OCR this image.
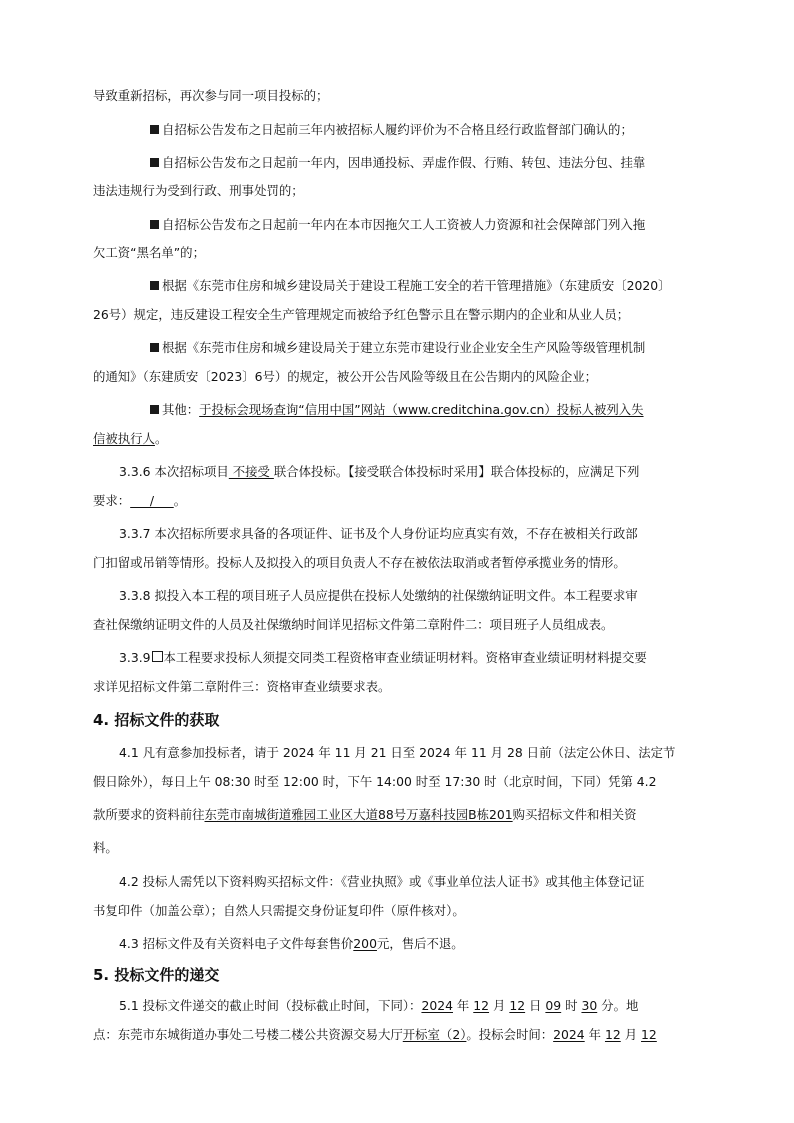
导致重新招标，再次参与同一项目投标的；
自招标公告发布之日起前三年内被招标人履约评价为不合格且经行政监督部门确认的；
自招标公告发布之日起前一年内，因串通投标、弄虚作假、行贿、转包、违法分包、挂靠
违法违规行为受到行政、刑事处罚的；
自招标公告发布之日起前一年内在本市因拖欠工人工资被人力资源和社会保障部门列入拖
欠工资“黑名单”的；
根据《东莞市住房和城乡建设局关于建设工程施工安全的若干管理措施》（东建质安〔2020〕
26号）规定，违反建设工程安全生产管理规定而被给予红色警示且在警示期内的企业和从业人员；
根据《东莞市住房和城乡建设局关于建立东莞市建设行业企业安全生产风险等级管理机制
的通知》（东建质安〔2023〕6号）的规定，被公开公告风险等级且在公告期内的风险企业；
其他：于投标会现场查询“信用中国”网站（www.creditchina.gov.cn）投标人被列入失
信被执行人。
3.3.6 本次招标项目 不接受 联合体投标。【接受联合体投标时采用】联合体投标的，应满足下列
要求：     /     。
3.3.7 本次招标所要求具备的各项证件、证书及个人身份证均应真实有效，不存在被相关行政部
门扣留或吊销等情形。投标人及拟投入的项目负责人不存在被依法取消或者暂停承揽业务的情形。
3.3.8 拟投入本工程的项目班子人员应提供在投标人处缴纳的社保缴纳证明文件。本工程要求审
查社保缴纳证明文件的人员及社保缴纳时间详见招标文件第二章附件二：项目班子人员组成表。
3.3.9 本工程要求投标人须提交同类工程资格审查业绩证明材料。资格审查业绩证明材料提交要
求详见招标文件第二章附件三：资格审查业绩要求表。
4. 招标文件的获取
4.1 凡有意参加投标者，请于 2024 年 11 月 21 日至 2024 年 11 月 28 日前（法定公休日、法定节
假日除外），每日上午 08:30 时至 12:00 时，下午 14:00 时至 17:30 时（北京时间，下同）凭第 4.2
款所要求的资料前往东莞市南城街道雅园工业区大道88号万嘉科技园B栋201购买招标文件和相关资
料。
4.2 投标人需凭以下资料购买招标文件：《营业执照》或《事业单位法人证书》或其他主体登记证
书复印件（加盖公章）；自然人只需提交身份证复印件（原件核对）。
4.3 招标文件及有关资料电子文件每套售价200元，售后不退。
5. 投标文件的递交
5.1 投标文件递交的截止时间（投标截止时间，下同）：2024 年 12 月 12 日 09 时 30 分。地
点：东莞市东城街道办事处二号楼二楼公共资源交易大厅开标室（2）。投标会时间：2024 年 12 月 12
